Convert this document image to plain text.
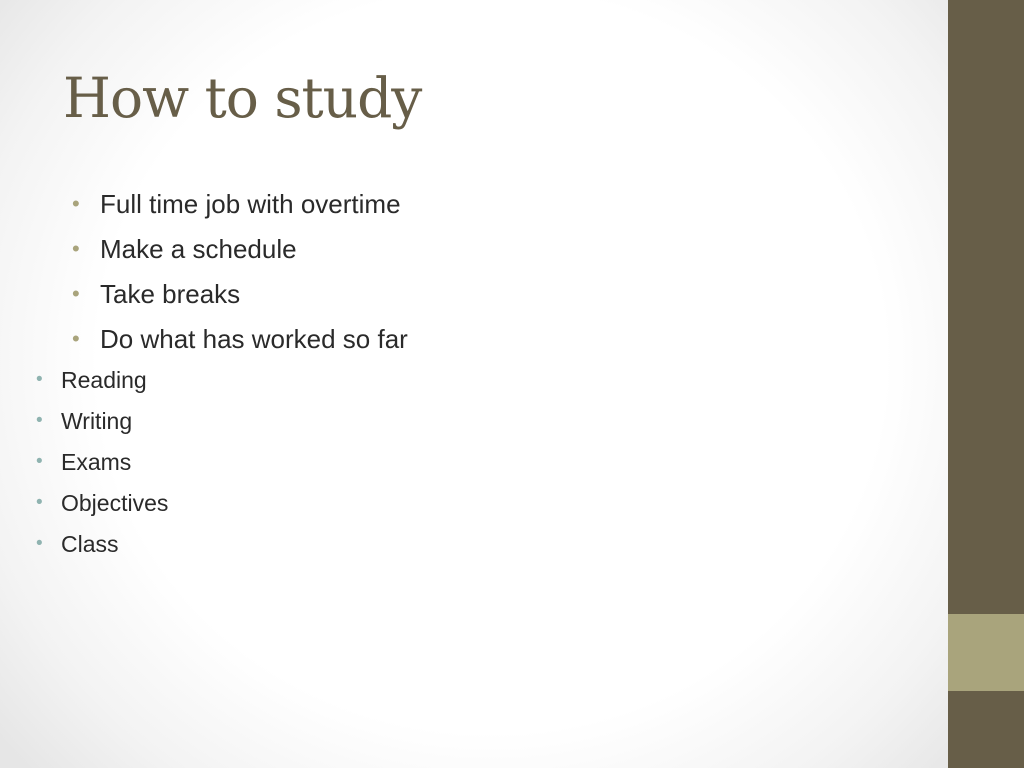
How to study
• Full time job with overtime
• Make a schedule
• Take breaks
• Do what has worked so far
• Reading
• Writing
• Exams
• Objectives
• Class
